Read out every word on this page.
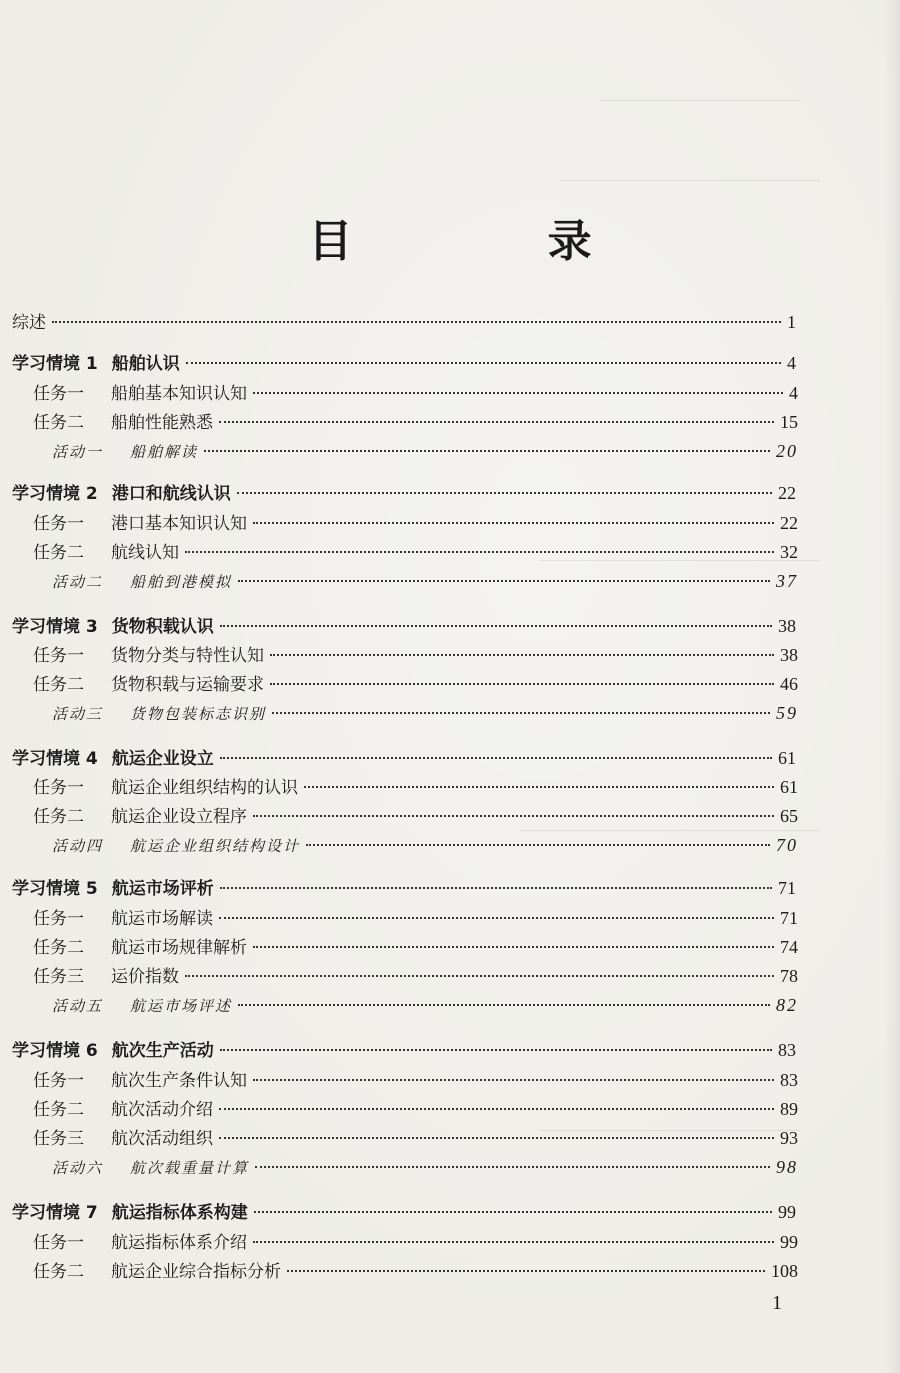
目 录
综述	1
学习情境 1 船舶认识	4
任务一	船舶基本知识认知	4
任务二	船舶性能熟悉	15
活动一	船舶解读	20
学习情境 2 港口和航线认识	22
任务一	港口基本知识认知	22
任务二	航线认知	32
活动二	船舶到港模拟	37
学习情境 3 货物积载认识	38
任务一	货物分类与特性认知	38
任务二	货物积载与运输要求	46
活动三	货物包装标志识别	59
学习情境 4 航运企业设立	61
任务一	航运企业组织结构的认识	61
任务二	航运企业设立程序	65
活动四	航运企业组织结构设计	70
学习情境 5 航运市场评析	71
任务一	航运市场解读	71
任务二	航运市场规律解析	74
任务三	运价指数	78
活动五	航运市场评述	82
学习情境 6 航次生产活动	83
任务一	航次生产条件认知	83
任务二	航次活动介绍	89
任务三	航次活动组织	93
活动六	航次载重量计算	98
学习情境 7 航运指标体系构建	99
任务一	航运指标体系介绍	99
任务二	航运企业综合指标分析	108
1
